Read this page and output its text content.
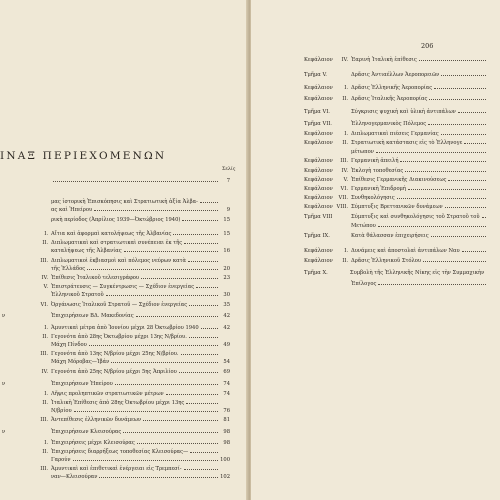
ΙΝΑΞ ΠΕΡΙΕΧΟΜΕΝΩΝ
Σελίς
7
μας ἱστορικὴ Ἐπισκόπησις καὶ Στρατιωτικὴ ἀξία Ἀλβα-
ας καὶ Ἠπείρου	9
ρικὴ περίοδος (Ἀπρίλιος 1939—Ὀκτώβριος 1940)	15
I. Αἴτια καὶ ἀφορμαὶ κατολήψεως τῆς Ἀλβανίας	15
II. Διπλωματικαὶ καὶ στρατιωτικαὶ συνέπειαι ἐκ τῆς
καταλήψεως τῆς Ἀλβανίας	16
III. Διπλωματικοὶ ἐκβιασμοὶ καὶ πόλεμος νεύρων κατὰ
τῆς Ἑλλάδος	20
IV. Ἐπίθεσις Ἰταλικοῦ τελεσιγράφου	23
V. Ἐπιστράτευσις — Συγκέντρωσις — Σχέδιον ἐνεργείας
Ἑλληνικοῦ Στρατοῦ	30
VI. Ὀργάνωσις Ἰταλικοῦ Στρατοῦ — Σχέδιον ἐνεργείας	35
ν	Ἐπιχειρήσεων ΒΔ. Μακεδονίας	42
I. Ἀμυντικαὶ μέτρα ἀπὸ Ἰουνίου μέχρι 28 Ὀκτωβρίου 1940	42
II. Γεγονότα ἀπὸ 28ης Ὀκτωβρίου μέχρι 13ης Ν/βρίου.
Μάχη Πίνδου	49
III. Γεγονότα ἀπὸ 13ης Ν/βρίου μέχρι 25ης Ν/βρίου.
Μάχη Μόροβας—Ἰβάν	54
IV. Γεγονότα ἀπὸ 25ης Ν/βρίου μέχρι 5ης Ἀπριλίου	69
ν	Ἐπιχειρήσεων Ἠπείρου	74
I. Λῆψις προληπτικῶν στρατιωτικῶν μέτρων	74
II. Ἰταλικὴ Ἐπίθεσις ἀπὸ 28ης Ὀκτωβρίου μέχρι 13ης
Ν/βρίου	76
III. Ἀντεπίθεσις ἑλληνικῶν δυνάμεων	81
ν	Ἐπιχειρήσεων Κλεισούρας	98
I. Ἐπιχειρήσεις μέχρι Κλεισούρας	98
II. Ἐπιχειρήσεις διαρρήξεως τοποθεσίας Κλεισούρας—
Γαρούν	100
III. Ἀμυντικαὶ καὶ ἐπιθετικαὶ ἐνέργειαι εἰς Τρεμπεσί-
ναν—Κλεισούραν	102
206
Κεφάλαιον	IV. Ἐαρινὴ Ἰταλικὴ ἐπίθεσις
Τμῆμα V.	Δρᾶσις Ἀντιαέλλων Ἀεροπορειῶν
Κεφάλαιον	I. Δρᾶσις Ἑλληνικῆς Ἀεροπορίας
Κεφάλαιον	II. Δρᾶσις Ἰταλικῆς Ἀεροπορίας
Τμῆμα VI.	Σύγκρισις ψυχικὴ καὶ ὑλικὴ ἀντιπάλων
Τμῆμα VII.	Ἑλληνογερμανικὸς Πόλεμος
Κεφάλαιον	I. Διπλωματικαὶ πιέσεις Γερμανίας
Κεφάλαιον	II. Στρατιωτικὴ κατάστασις εἰς τὸ Ἑλληνογε
μέτωπον
Κεφάλαιον	III. Γερμανικὴ ἀπειλή
Κεφάλαιον	IV. Ἐκλογὴ τοποθεσίας
Κεφάλαιον	V. Ἐπίθεσις Γερμανικῆς Διακινούσεως
Κεφάλαιον	VI. Γερμανικὴ Ἐπιδρομή
Κεφάλαιον	VII. Συνθηκολόγησις
Κεφάλαιον VIII. Σύμπτυξις Βρεττανικῶν δυνάμεων
Τμῆμα VIII	Σύμπτυξις καὶ συνθηκολόγησις τοῦ Στρατοῦ τοῦ
Μετώπου
Τμῆμα IX.	Κατὰ θάλασσαν ἐπιχειρήσεις
Κεφάλαιον	I. Δυνάμεις καὶ ἀποστολαὶ ἀντιπάλων Ναυ
Κεφάλαιον	II. Δρᾶσις Ἑλληνικοῦ Στόλου
Τμῆμα Χ.	Συμβολὴ τῆς Ἑλληνικῆς Νίκης εἰς τὴν Συμμαχικὴν
Ἐπίλογος
